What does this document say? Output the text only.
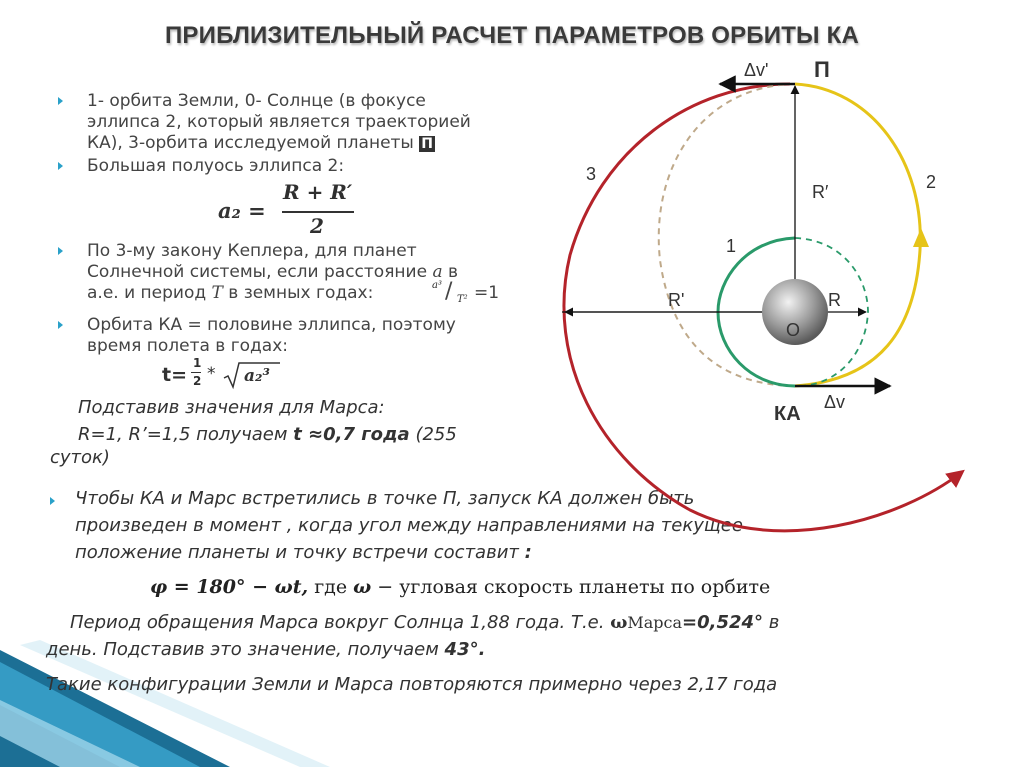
ПРИБЛИЗИТЕЛЬНЫЙ РАСЧЕТ ПАРАМЕТРОВ ОРБИТЫ КА
1- орбита Земли, 0- Солнце (в фокусе
эллипса 2, который является траекторией
КА), 3-орбита исследуемой планеты П
Большая полуось эллипса 2:
a₂ =
R + R′
2
По 3-му закону Кеплера, для планет
Солнечной системы, если расстояние a в
а.е. и период T в земных годах:	a³ / T² =1
Орбита КА = половине эллипса, поэтому
время полета в годах:
t=
1
2 * a₂³
Подставив значения для Марса:
R=1, R’=1,5 получаем t ≈0,7 года (255
суток)
Чтобы КА и Марс встретились в точке П, запуск КА должен быть
произведен в момент , когда угол между направлениями на текущее
положение планеты и точку встречи составит :
φ = 180° − ωt, где ω − угловая скорость планеты по орбите
Период обращения Марса вокруг Солнца 1,88 года. Т.е. ωМарса=0,524° в
день. Подставив это значение, получаем 43°.
Такие конфигурации Земли и Марса повторяются примерно через 2,17 года
Δv' П
R′
3	2
1
R'	R
O
КА
Δv
